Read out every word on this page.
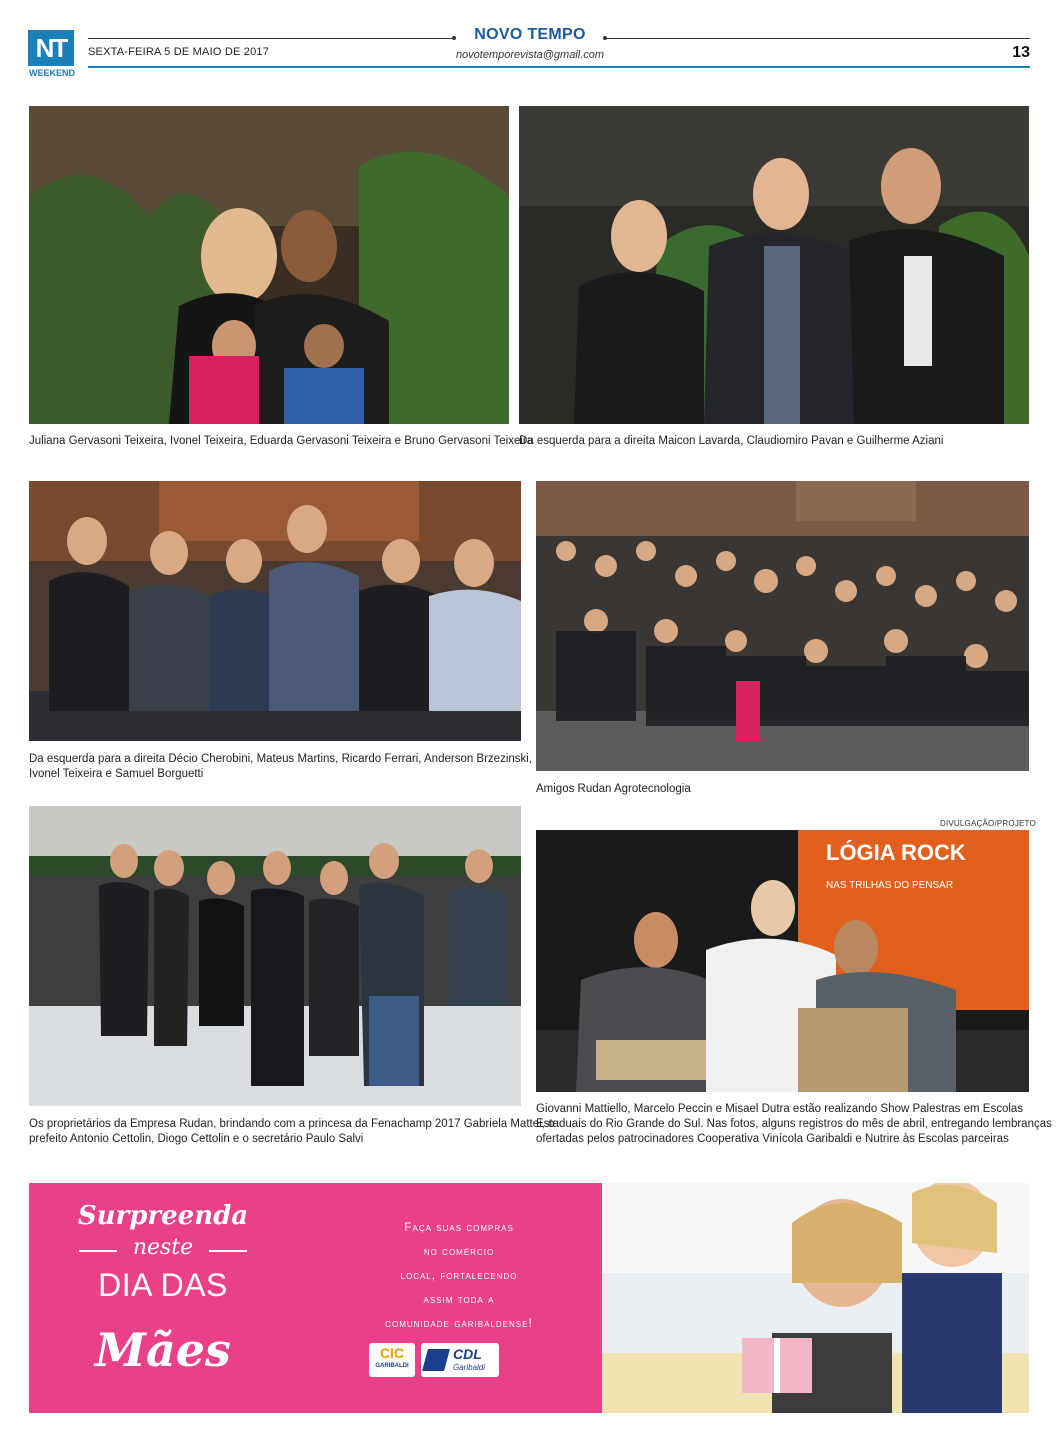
NT
WEEKEND
SEXTA-FEIRA 5 DE MAIO DE 2017
NOVO TEMPO
novotemporevista@gmail.com	13
Juliana Gervasoni Teixeira, Ivonel Teixeira, Eduarda Gervasoni Teixeira e Bruno Gervasoni Teixeira
Da esquerda para a direita Maicon Lavarda, Claudiomiro Pavan e Guilherme Aziani
Da esquerda para a direita Décio Cherobini, Mateus Martins, Ricardo Ferrari, Anderson Brzezinski,
Ivonel Teixeira e Samuel Borguetti
Amigos Rudan Agrotecnologia
Os proprietários da Empresa Rudan, brindando com a princesa da Fenachamp 2017 Gabriela Mattei, o
prefeito Antonio Cettolin, Diogo Cettolin e o secretário Paulo Salvi
DIVULGAÇÃO/PROJETO
LÓGIA ROCK
NAS TRILHAS DO PENSAR
Giovanni Mattiello, Marcelo Peccin e Misael Dutra estão realizando Show Palestras em Escolas
Estaduais do Rio Grande do Sul. Nas fotos, alguns registros do mês de abril, entregando lembranças
ofertadas pelos patrocinadores Cooperativa Vinícola Garibaldi e Nutrire às Escolas parceiras
Surpreenda
neste
DIA DAS
Mães
Faça suas compras
no comércio
local, fortalecendo
assim toda a
comunidade garibaldense!
CIC
GARIBALDI
CDL
Garibaldi
